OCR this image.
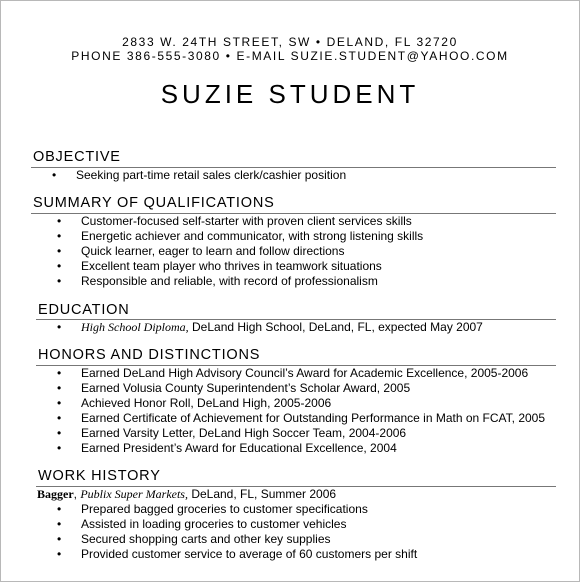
2833 W. 24TH STREET, SW • DELAND, FL 32720
PHONE 386-555-3080 • E-MAIL SUZIE.STUDENT@YAHOO.COM
SUZIE STUDENT
OBJECTIVE
•	Seeking part-time retail sales clerk/cashier position
SUMMARY OF QUALIFICATIONS
•	Customer-focused self-starter with proven client services skills
•	Energetic achiever and communicator, with strong listening skills
•	Quick learner, eager to learn and follow directions
•	Excellent team player who thrives in teamwork situations
•	Responsible and reliable, with record of professionalism
EDUCATION
•	High School Diploma, DeLand High School, DeLand, FL, expected May 2007
HONORS AND DISTINCTIONS
•	Earned DeLand High Advisory Council’s Award for Academic Excellence, 2005-2006
•	Earned Volusia County Superintendent’s Scholar Award, 2005
•	Achieved Honor Roll, DeLand High, 2005-2006
•	Earned Certificate of Achievement for Outstanding Performance in Math on FCAT, 2005
•	Earned Varsity Letter, DeLand High Soccer Team, 2004-2006
•	Earned President’s Award for Educational Excellence, 2004
WORK HISTORY
Bagger, Publix Super Markets, DeLand, FL, Summer 2006
•	Prepared bagged groceries to customer specifications
•	Assisted in loading groceries to customer vehicles
•	Secured shopping carts and other key supplies
•	Provided customer service to average of 60 customers per shift
